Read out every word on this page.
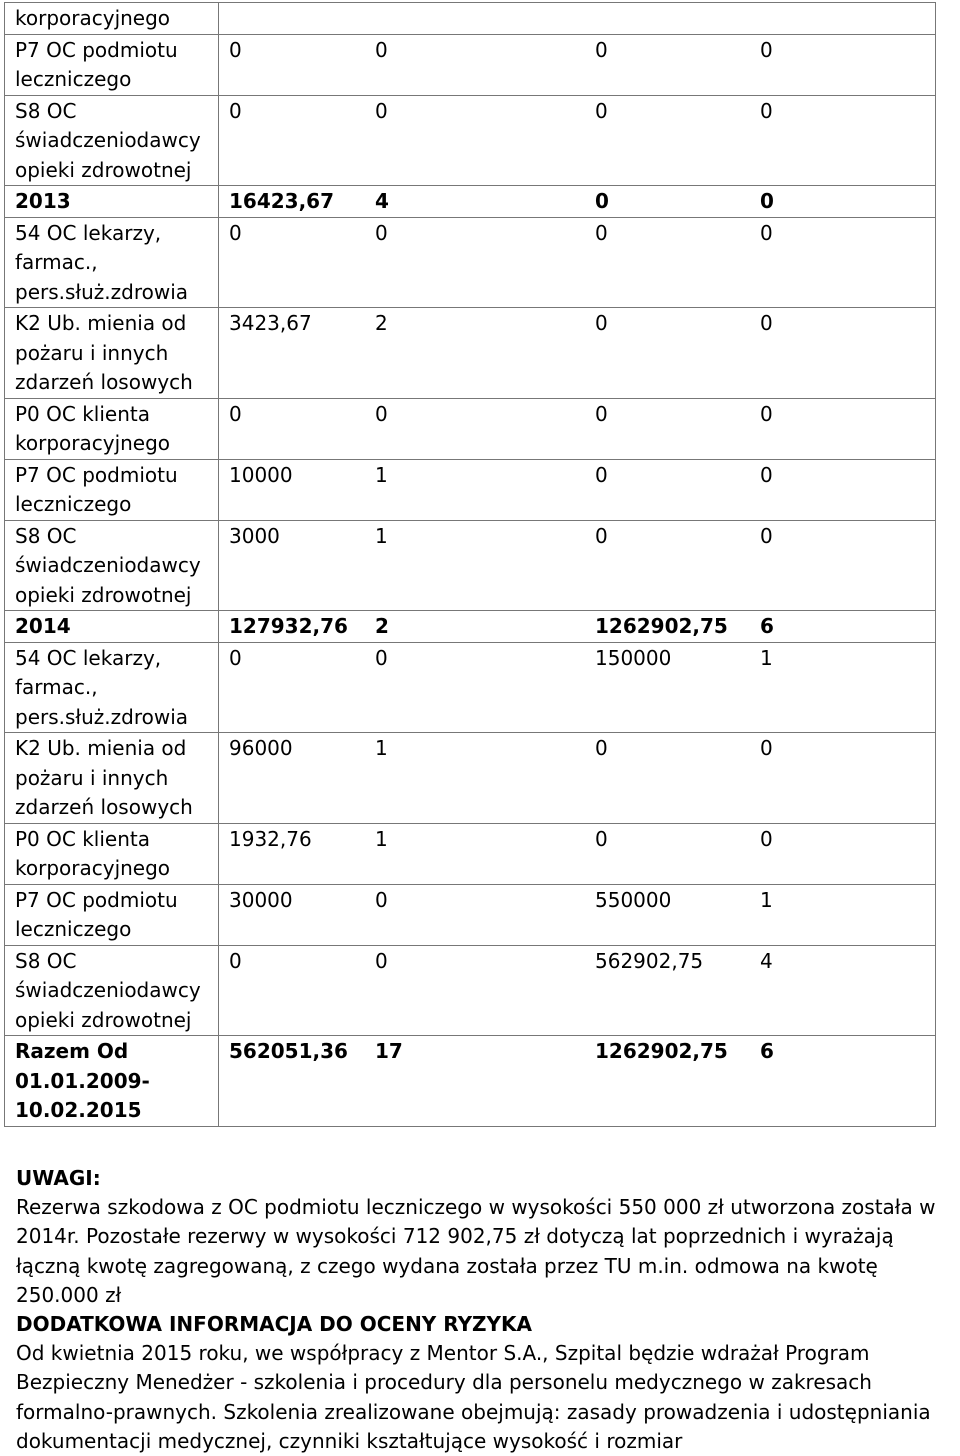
korporacyjnego	

P7 OC podmiotu leczniczego	0 0 0 0

S8 OC świadczeniodawcy opieki zdrowotnej	0 0 0 0

2013	16423,67 4 0 0

54 OC lekarzy, farmac., pers.służ.zdrowia	0 0 0 0

K2 Ub. mienia od pożaru i innych zdarzeń losowych	3423,67 2 0 0

P0 OC klienta korporacyjnego	0 0 0 0

P7 OC podmiotu leczniczego	10000 1 0 0

S8 OC świadczeniodawcy opieki zdrowotnej	3000 1 0 0

2014	127932,76 2 1262902,75 6

54 OC lekarzy, farmac., pers.służ.zdrowia	0 0 150000 1

K2 Ub. mienia od pożaru i innych zdarzeń losowych	96000 1 0 0

P0 OC klienta korporacyjnego	1932,76 1 0 0

P7 OC podmiotu leczniczego	30000 0 550000 1

S8 OC świadczeniodawcy opieki zdrowotnej	0 0 562902,75 4

Razem Od 01.01.2009-10.02.2015	562051,36 17 1262902,75 6

UWAGI:

Rezerwa szkodowa z OC podmiotu leczniczego w wysokości 550 000 zł utworzona została w 2014r. Pozostałe rezerwy w wysokości 712 902,75 zł dotyczą lat poprzednich i wyrażają łączną kwotę zagregowaną, z czego wydana została przez TU m.in. odmowa na kwotę 250.000 zł

DODATKOWA INFORMACJA DO OCENY RYZYKA

Od kwietnia 2015 roku, we współpracy z Mentor S.A., Szpital będzie wdrażał Program Bezpieczny Menedżer - szkolenia i procedury dla personelu medycznego w zakresach formalno-prawnych. Szkolenia zrealizowane obejmują: zasady prowadzenia i udostępniania dokumentacji medycznej, czynniki kształtujące wysokość i rozmiar
